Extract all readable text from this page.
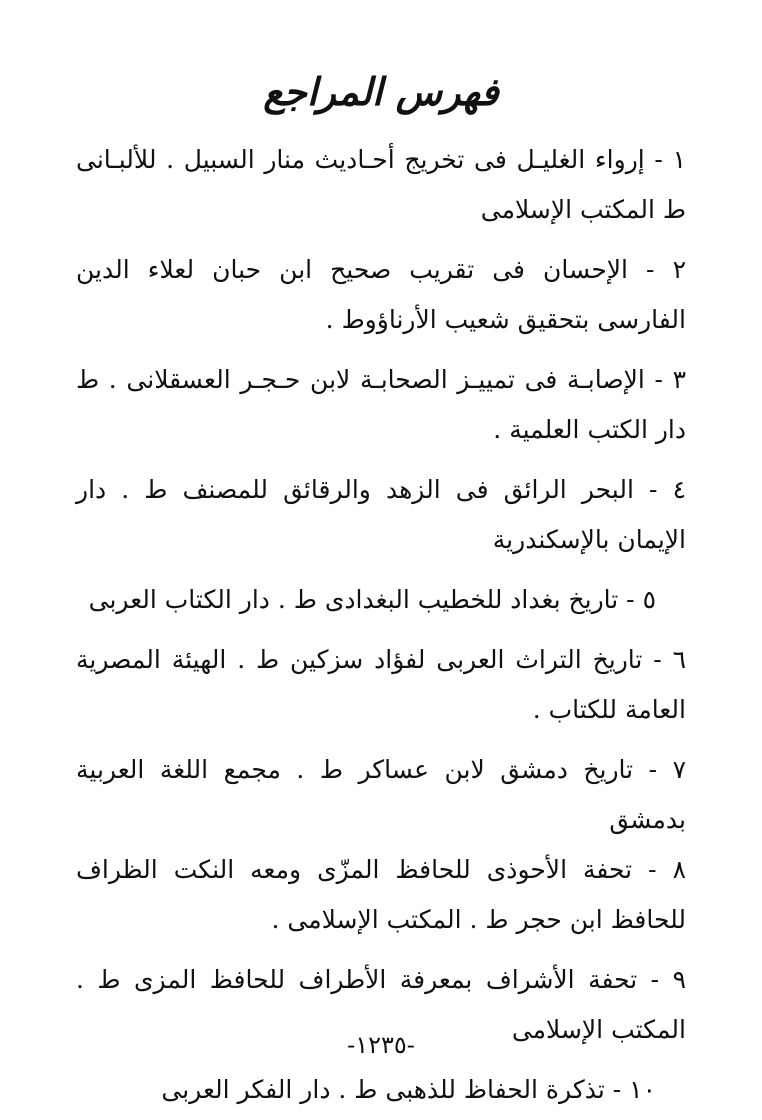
فهرس المراجع
١ - إرواء الغليـل فى تخريج أحـاديث منار السبيل . للألبـانى ط المكتب الإسلامى
٢ - الإحسان فى تقريب صحيح ابن حبان لعلاء الدين الفارسى بتحقيق شعيب الأرناؤوط .
٣ - الإصابـة فى تمييـز الصحابـة لابن حـجـر العسقلانى . ط دار الكتب العلمية .
٤ - البحر الرائق فى الزهد والرقائق للمصنف ط . دار الإيمان بالإسكندرية
٥ - تاريخ بغداد للخطيب البغدادى ط . دار الكتاب العربى
٦ - تاريخ التراث العربى لفؤاد سزكين ط . الهيئة المصرية العامة للكتاب .
٧ - تاريخ دمشق لابن عساكر ط . مجمع اللغة العربية بدمشق
٨ - تحفة الأحوذى للحافظ المزّى ومعه النكت الظراف للحافظ ابن حجر ط . المكتب الإسلامى .
٩ - تحفة الأشراف بمعرفة الأطراف للحافظ المزى ط . المكتب الإسلامى
١٠ - تذكرة الحفاظ للذهبى ط . دار الفكر العربى
-١٢٣٥-
